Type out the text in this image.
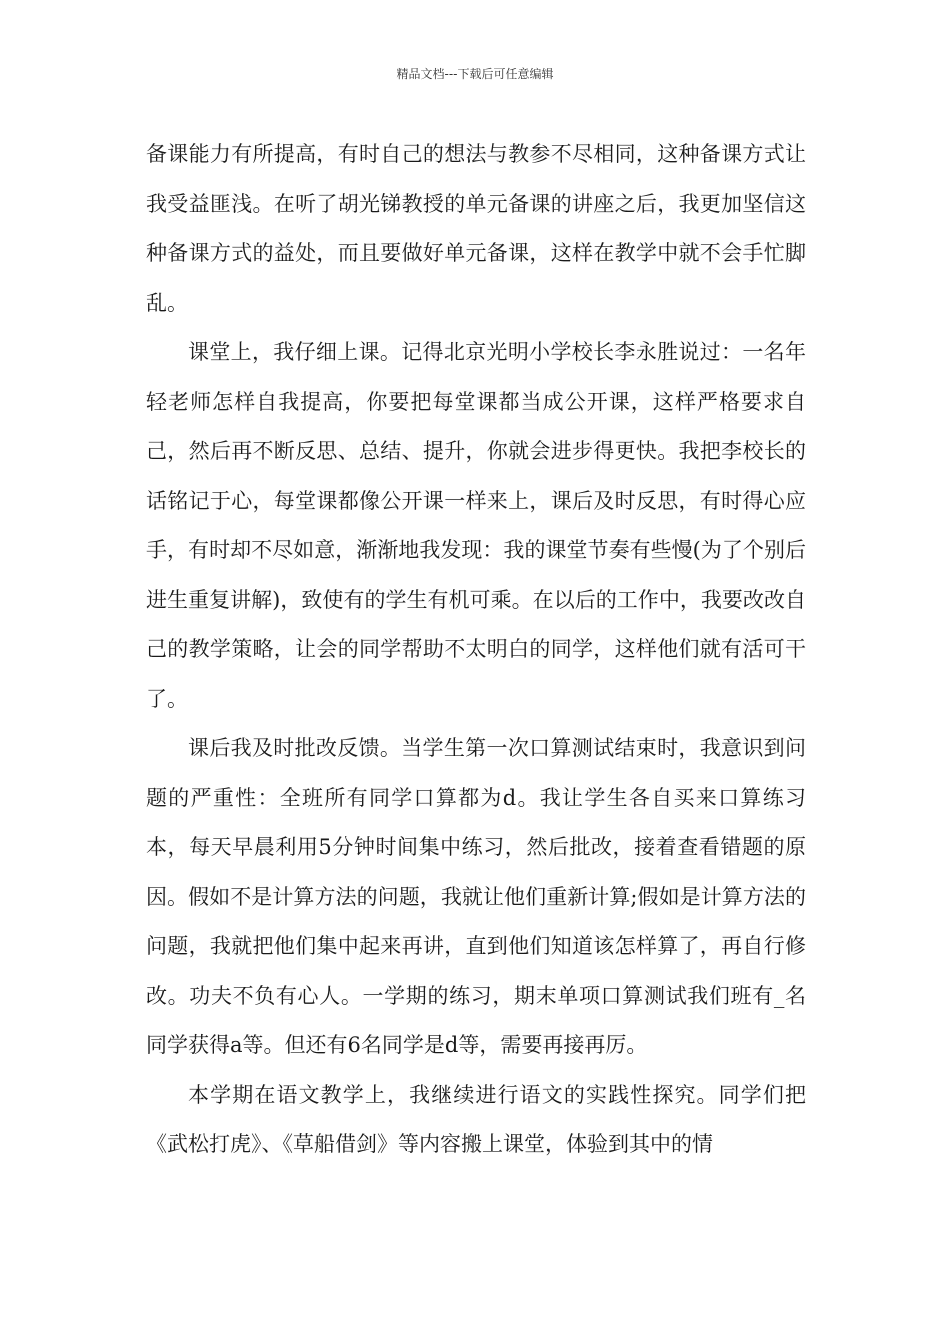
精品文档---下载后可任意编辑

备课能力有所提高，有时自己的想法与教参不尽相同，这种备课方式让我受益匪浅。在听了胡光锑教授的单元备课的讲座之后，我更加坚信这种备课方式的益处，而且要做好单元备课，这样在教学中就不会手忙脚乱。

课堂上，我仔细上课。记得北京光明小学校长李永胜说过：一名年轻老师怎样自我提高，你要把每堂课都当成公开课，这样严格要求自己，然后再不断反思、总结、提升，你就会进步得更快。我把李校长的话铭记于心，每堂课都像公开课一样来上，课后及时反思，有时得心应手，有时却不尽如意，渐渐地我发现：我的课堂节奏有些慢(为了个别后进生重复讲解)，致使有的学生有机可乘。在以后的工作中，我要改改自己的教学策略，让会的同学帮助不太明白的同学，这样他们就有活可干了。

课后我及时批改反馈。当学生第一次口算测试结束时，我意识到问题的严重性：全班所有同学口算都为d。我让学生各自买来口算练习本，每天早晨利用5分钟时间集中练习，然后批改，接着查看错题的原因。假如不是计算方法的问题，我就让他们重新计算;假如是计算方法的问题，我就把他们集中起来再讲，直到他们知道该怎样算了，再自行修改。功夫不负有心人。一学期的练习，期末单项口算测试我们班有_名同学获得a等。但还有6名同学是d等，需要再接再厉。

本学期在语文教学上，我继续进行语文的实践性探究。同学们把《武松打虎》、《草船借剑》等内容搬上课堂，体验到其中的情
